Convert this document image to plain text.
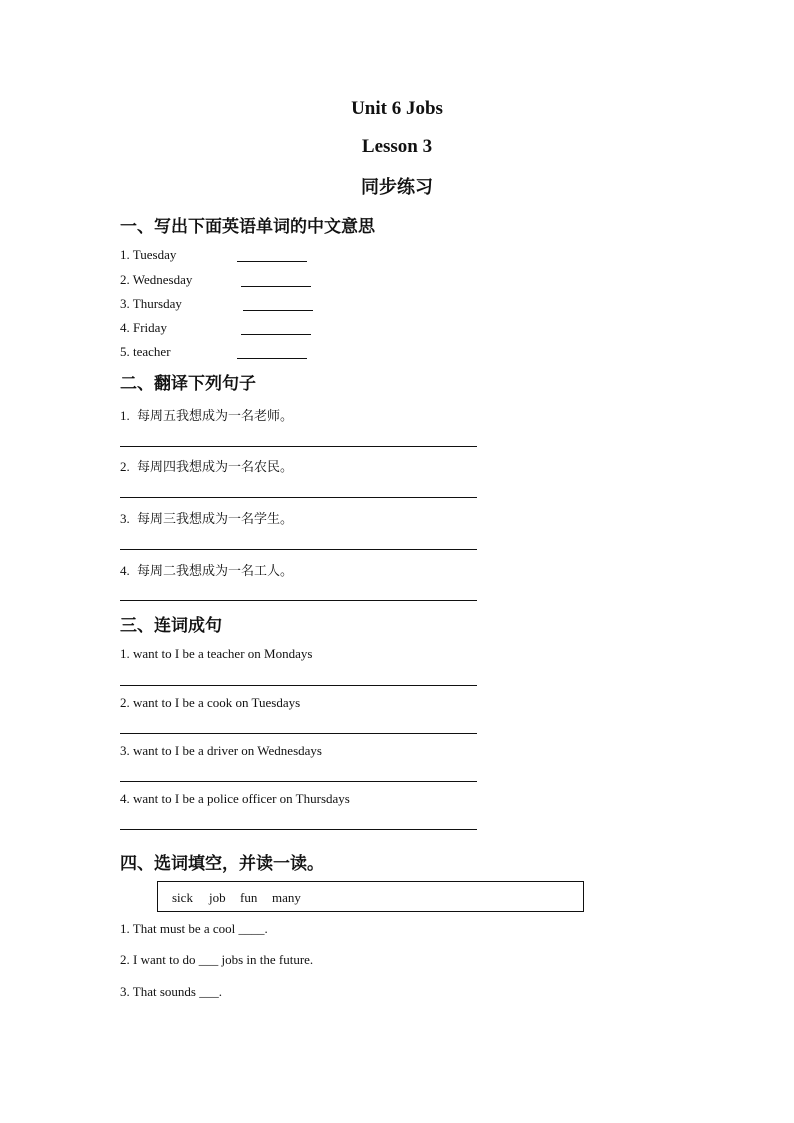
Unit 6 Jobs
Lesson 3
同步练习
一、写出下面英语单词的中文意思
1. Tuesday
2. Wednesday
3. Thursday
4. Friday
5. teacher
二、翻译下列句子
1. 每周五我想成为一名老师。
2. 每周四我想成为一名农民。
3. 每周三我想成为一名学生。
4. 每周二我想成为一名工人。
三、连词成句
1. want to I be a teacher on Mondays
2. want to I be a cook on Tuesdays
3. want to I be a driver on Wednesdays
4. want to I be a police officer on Thursdays
四、选词填空，并读一读。
sick job fun many
1. That must be a cool ____.
2. I want to do ___ jobs in the future.
3. That sounds ___.
